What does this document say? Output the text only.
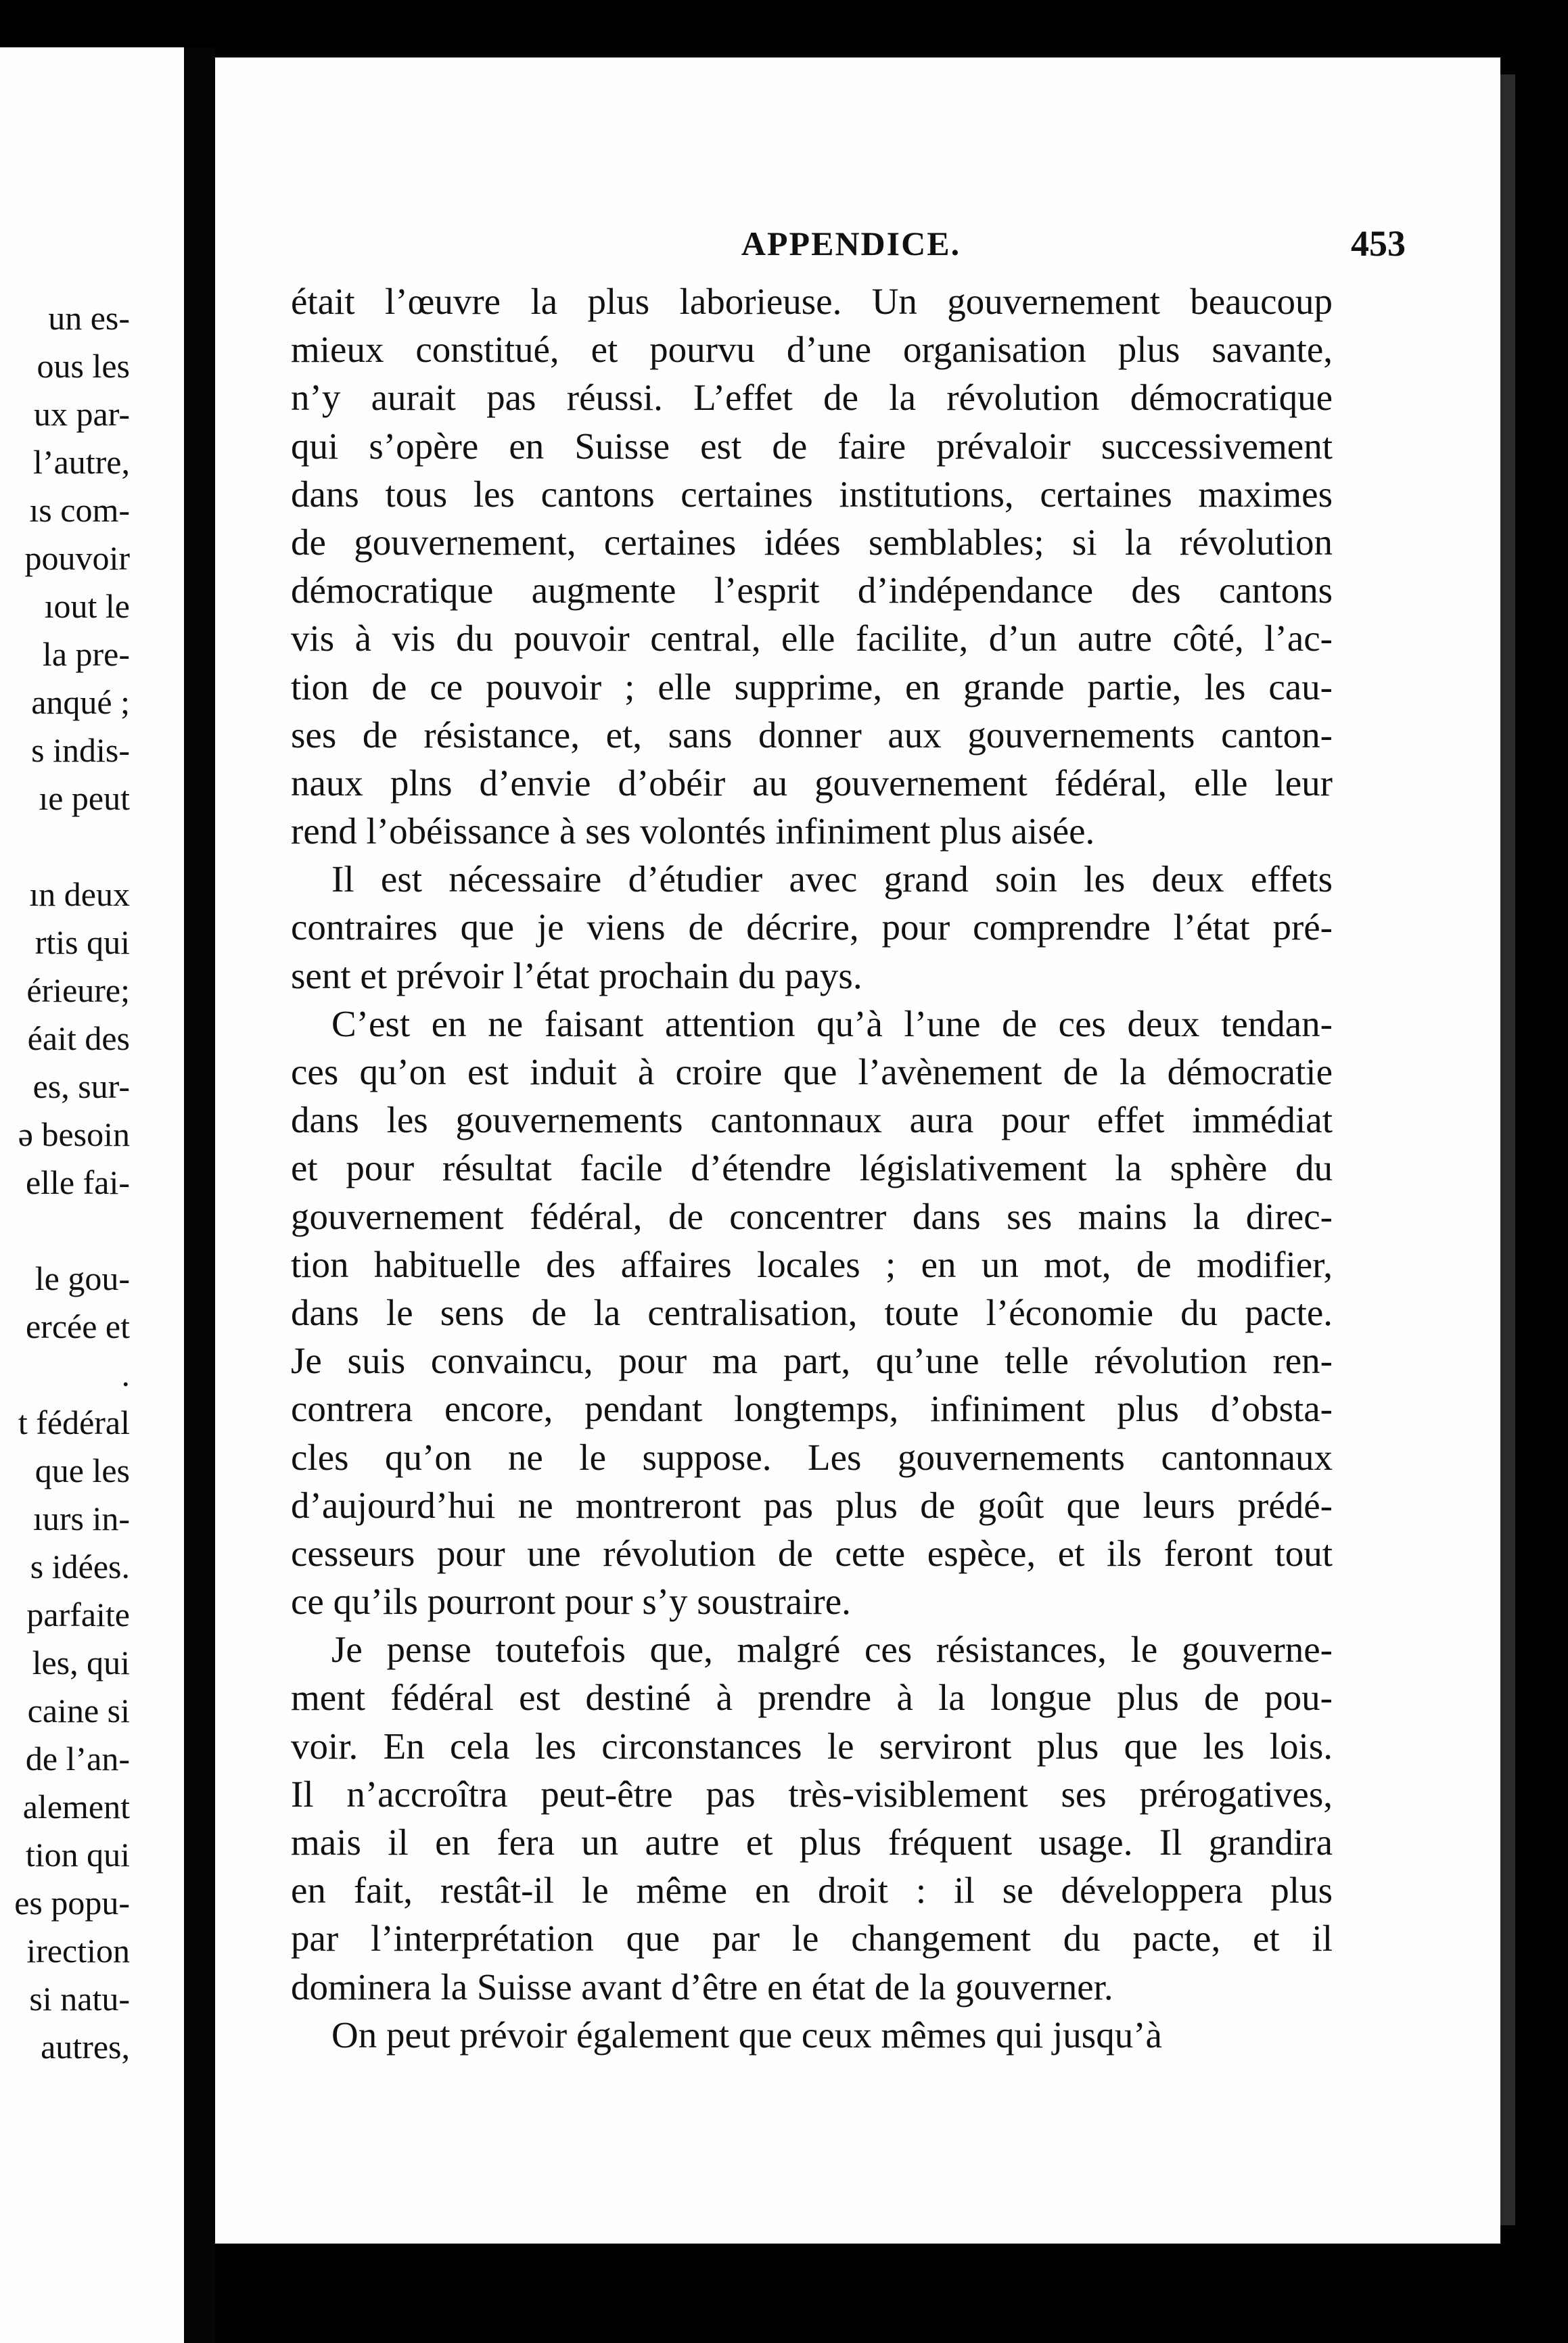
un es-
ous les
ux par-
l’autre,
ıs com-
pouvoir
ıout le
la pre-
anqué ;
s indis-
ıe peut
ın deux
rtis qui
érieure;
éait des
es, sur-
ə besoin
elle fai-
le gou-
ercée et
.
t fédéral
que les
ıurs in-
s idées.
parfaite
les, qui
caine si
de l’an-
alement
tion qui
es popu-
irection
si natu-
autres,
APPENDICE.	453
était l’œuvre la plus laborieuse. Un gouvernement beaucoup
mieux constitué, et pourvu d’une organisation plus savante,
n’y aurait pas réussi. L’effet de la révolution démocratique
qui s’opère en Suisse est de faire prévaloir successivement
dans tous les cantons certaines institutions, certaines maximes
de gouvernement, certaines idées semblables; si la révolution
démocratique augmente l’esprit d’indépendance des cantons
vis à vis du pouvoir central, elle facilite, d’un autre côté, l’ac-
tion de ce pouvoir ; elle supprime, en grande partie, les cau-
ses de résistance, et, sans donner aux gouvernements canton-
naux plns d’envie d’obéir au gouvernement fédéral, elle leur
rend l’obéissance à ses volontés infiniment plus aisée.
Il est nécessaire d’étudier avec grand soin les deux effets
contraires que je viens de décrire, pour comprendre l’état pré-
sent et prévoir l’état prochain du pays.
C’est en ne faisant attention qu’à l’une de ces deux tendan-
ces qu’on est induit à croire que l’avènement de la démocratie
dans les gouvernements cantonnaux aura pour effet immédiat
et pour résultat facile d’étendre législativement la sphère du
gouvernement fédéral, de concentrer dans ses mains la direc-
tion habituelle des affaires locales ; en un mot, de modifier,
dans le sens de la centralisation, toute l’économie du pacte.
Je suis convaincu, pour ma part, qu’une telle révolution ren-
contrera encore, pendant longtemps, infiniment plus d’obsta-
cles qu’on ne le suppose. Les gouvernements cantonnaux
d’aujourd’hui ne montreront pas plus de goût que leurs prédé-
cesseurs pour une révolution de cette espèce, et ils feront tout
ce qu’ils pourront pour s’y soustraire.
Je pense toutefois que, malgré ces résistances, le gouverne-
ment fédéral est destiné à prendre à la longue plus de pou-
voir. En cela les circonstances le serviront plus que les lois.
Il n’accroîtra peut-être pas très-visiblement ses prérogatives,
mais il en fera un autre et plus fréquent usage. Il grandira
en fait, restât-il le même en droit : il se développera plus
par l’interprétation que par le changement du pacte, et il
dominera la Suisse avant d’être en état de la gouverner.
On peut prévoir également que ceux mêmes qui jusqu’à
